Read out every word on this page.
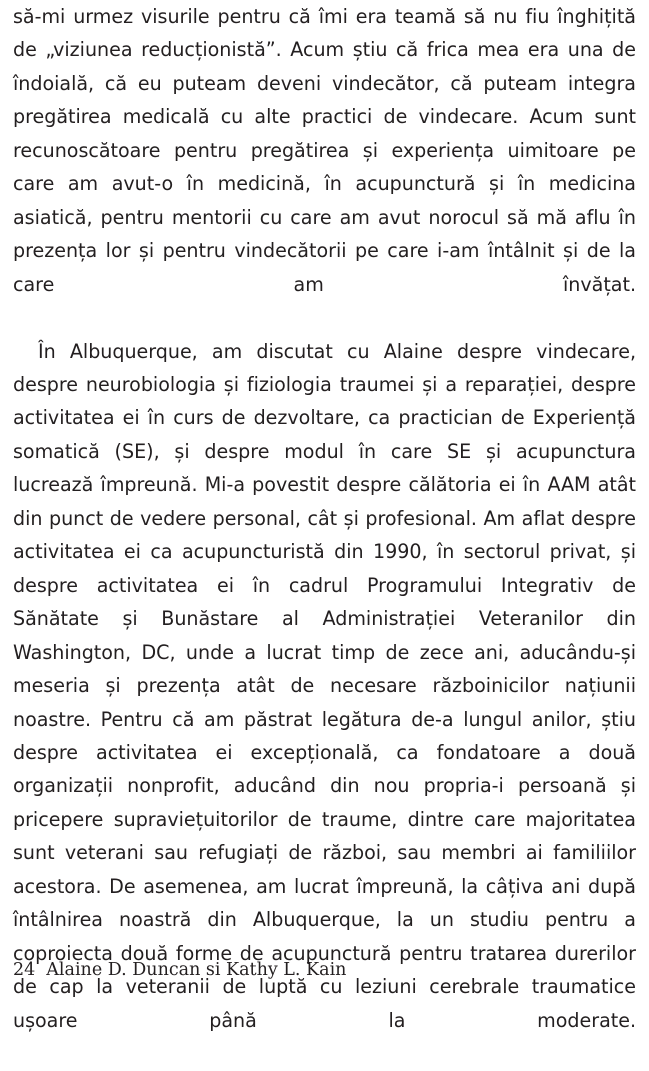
să-mi urmez visurile pentru că îmi era teamă să nu fiu înghițită de „viziunea reducționistă”. Acum știu că frica mea era una de îndoială, că eu puteam deveni vindecător, că puteam integra pregătirea medicală cu alte practici de vindecare. Acum sunt recunoscătoare pentru pregătirea și experiența uimitoare pe care am avut-o în medicină, în acupunctură și în medicina asiatică, pentru mentorii cu care am avut norocul să mă aflu în prezența lor și pentru vindecătorii pe care i-am întâlnit și de la care am învățat.

În Albuquerque, am discutat cu Alaine despre vindecare, despre neurobiologia și fiziologia traumei și a reparației, despre activitatea ei în curs de dezvoltare, ca practician de Experiență somatică (SE), și despre modul în care SE și acupunctura lucrează împreună. Mi-a povestit despre călătoria ei în AAM atât din punct de vedere personal, cât și profesional. Am aflat despre activitatea ei ca acupuncturistă din 1990, în sectorul privat, și despre activitatea ei în cadrul Programului Integrativ de Sănătate și Bunăstare al Administrației Veteranilor din Washington, DC, unde a lucrat timp de zece ani, aducându-și meseria și prezența atât de necesare războinicilor națiunii noastre. Pentru că am păstrat legătura de-a lungul anilor, știu despre activitatea ei excepțională, ca fondatoare a două organizații nonprofit, aducând din nou propria-i persoană și pricepere supraviețuitorilor de traume, dintre care majoritatea sunt veterani sau refugiați de război, sau membri ai familiilor acestora. De asemenea, am lucrat împreună, la câțiva ani după întâlnirea noastră din Albuquerque, la un studiu pentru a coproiecta două forme de acupunctură pentru tratarea durerilor de cap la veteranii de luptă cu leziuni cerebrale traumatice ușoare până la moderate.

24 Alaine D. Duncan si Kathy L. Kain
